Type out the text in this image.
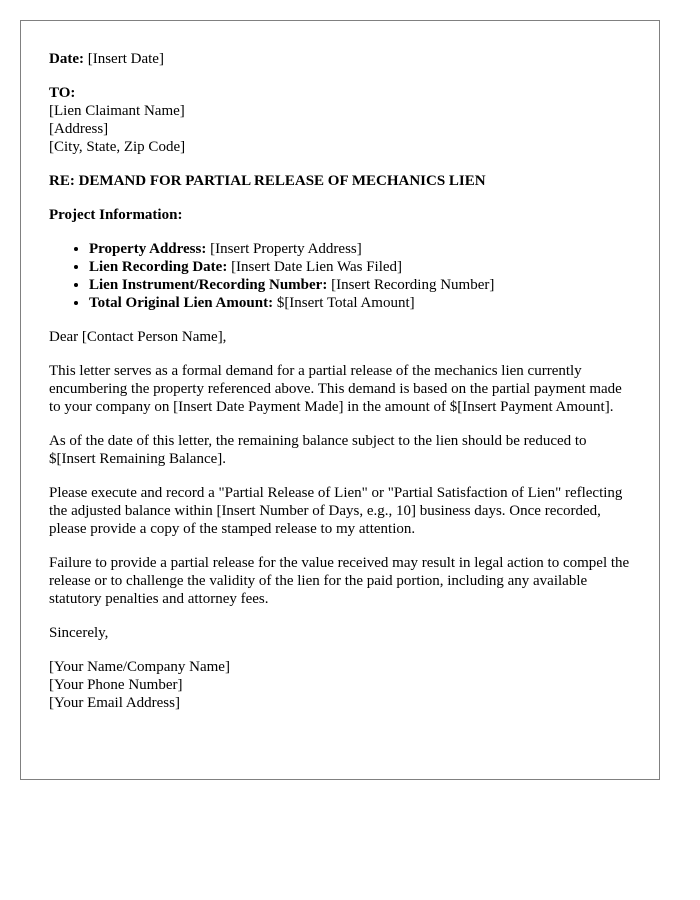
Date: [Insert Date]

TO:
[Lien Claimant Name]
[Address]
[City, State, Zip Code]

RE: DEMAND FOR PARTIAL RELEASE OF MECHANICS LIEN

Project Information:

• Property Address: [Insert Property Address]
• Lien Recording Date: [Insert Date Lien Was Filed]
• Lien Instrument/Recording Number: [Insert Recording Number]
• Total Original Lien Amount: $[Insert Total Amount]

Dear [Contact Person Name],

This letter serves as a formal demand for a partial release of the mechanics lien currently encumbering the property referenced above. This demand is based on the partial payment made to your company on [Insert Date Payment Made] in the amount of $[Insert Payment Amount].

As of the date of this letter, the remaining balance subject to the lien should be reduced to $[Insert Remaining Balance].

Please execute and record a "Partial Release of Lien" or "Partial Satisfaction of Lien" reflecting the adjusted balance within [Insert Number of Days, e.g., 10] business days. Once recorded, please provide a copy of the stamped release to my attention.

Failure to provide a partial release for the value received may result in legal action to compel the release or to challenge the validity of the lien for the paid portion, including any available statutory penalties and attorney fees.

Sincerely,

[Your Name/Company Name]
[Your Phone Number]
[Your Email Address]
